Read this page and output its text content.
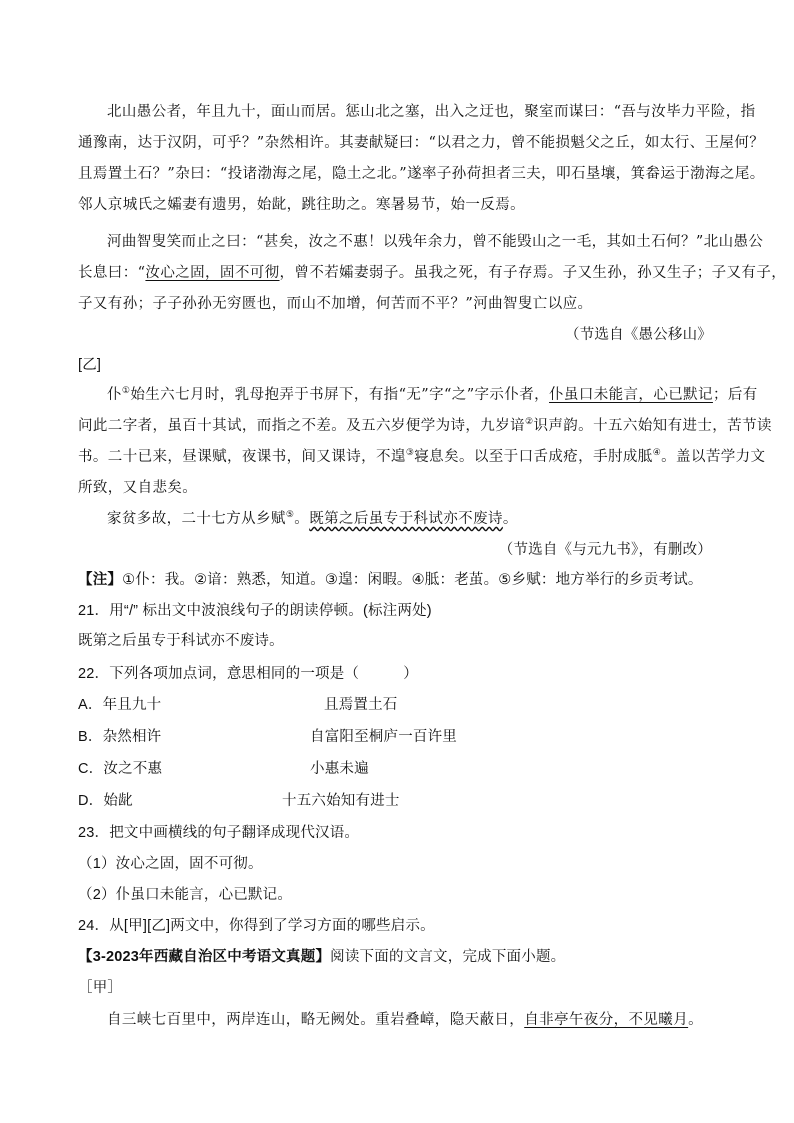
北山愚公者，年且九十，面山而居。惩山北之塞，出入之迂也，聚室而谋曰：“吾与汝毕力平险，指
通豫南，达于汉阴，可乎？”杂然相许。其妻献疑曰：“以君之力，曾不能损魁父之丘，如太行、王屋何？
且焉置土石？”杂曰：“投诸渤海之尾，隐土之北。”遂率子孙荷担者三夫，叩石垦壤，箕畚运于渤海之尾。
邻人京城氏之孀妻有遗男，始龀，跳往助之。寒暑易节，始一反焉。
河曲智叟笑而止之曰：“甚矣，汝之不惠！以残年余力，曾不能毁山之一毛，其如土石何？”北山愚公
长息曰：“汝心之固，固不可彻，曾不若孀妻弱子。虽我之死，有子存焉。子又生孙，孙又生子；子又有子，
子又有孙；子子孙孙无穷匮也，而山不加增，何苦而不平？”河曲智叟亡以应。
（节选自《愚公移山》
[乙]
仆①始生六七月时，乳母抱弄于书屏下，有指“无”字“之”字示仆者，仆虽口未能言，心已默记；后有
问此二字者，虽百十其试，而指之不差。及五六岁便学为诗，九岁谙②识声韵。十五六始知有进士，苦节读
书。二十已来，昼课赋，夜课书，间又课诗，不遑③寝息矣。以至于口舌成疮，手肘成胝④。盖以苦学力文
所致，又自悲矣。
家贫多故，二十七方从乡赋⑤。既第之后虽专于科试亦不废诗。
（节选自《与元九书》，有删改）
【注】①仆：我。②谙：熟悉，知道。③遑：闲暇。④胝：老茧。⑤乡赋：地方举行的乡贡考试。
21．用“/” 标出文中波浪线句子的朗读停顿。(标注两处)
既第之后虽专于科试亦不废诗。
22．下列各项加点词，意思相同的一项是（　　　）
A．年且九十	且焉置土石
B．杂然相许	自富阳至桐庐一百许里
C．汝之不惠	小惠未遍
D．始龀	十五六始知有进士
23．把文中画横线的句子翻译成现代汉语。
（1）汝心之固，固不可彻。
（2）仆虽口未能言，心已默记。
24．从[甲][乙]两文中，你得到了学习方面的哪些启示。
【3-2023年西藏自治区中考语文真题】阅读下面的文言文，完成下面小题。
［甲］
自三峡七百里中，两岸连山，略无阙处。重岩叠嶂，隐天蔽日，自非亭午夜分，不见曦月。
